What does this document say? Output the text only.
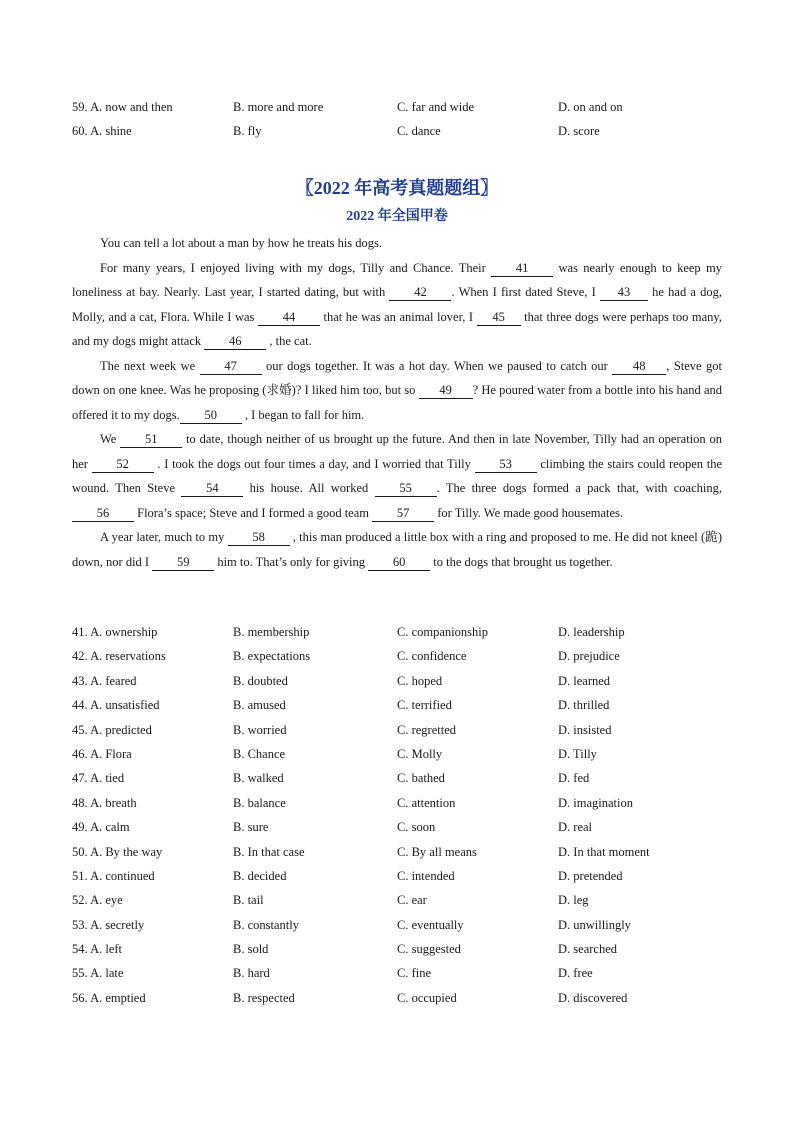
59. A. now and then	B. more and more	C. far and wide	D. on and on
60. A. shine	B. fly	C. dance	D. score
〖2022 年高考真题题组〗
2022 年全国甲卷

You can tell a lot about a man by how he treats his dogs.

For many years, I enjoyed living with my dogs, Tilly and Chance. Their 41 was nearly enough to keep my loneliness at bay. Nearly. Last year, I started dating, but with 42 . When I first dated Steve, I 43 he had a dog, Molly, and a cat, Flora. While I was 44 that he was an animal lover, I 45 that three dogs were perhaps too many, and my dogs might attack 46 , the cat.

The next week we 47 our dogs together. It was a hot day. When we paused to catch our 48 , Steve got down on one knee. Was he proposing (求婚)? I liked him too, but so 49 ? He poured water from a bottle into his hand and offered it to my dogs. 50 , I began to fall for him.

We 51 to date, though neither of us brought up the future. And then in late November, Tilly had an operation on her 52 . I took the dogs out four times a day, and I worried that Tilly 53 climbing the stairs could reopen the wound. Then Steve 54 his house. All worked 55 . The three dogs formed a pack that, with coaching,56 Flora’s space; Steve and I formed a good team 57 for Tilly. We made good housemates.

A year later, much to my 58 , this man produced a little box with a ring and proposed to me. He did not kneel (跪) down, nor did I 59 him to. That’s only for giving 60 to the dogs that brought us together.

41. A. ownership	B. membership	C. companionship	D. leadership
42. A. reservations	B. expectations	C. confidence	D. prejudice
43. A. feared	B. doubted	C. hoped	D. learned
44. A. unsatisfied	B. amused	C. terrified	D. thrilled
45. A. predicted	B. worried	C. regretted	D. insisted
46. A. Flora	B. Chance	C. Molly	D. Tilly
47. A. tied	B. walked	C. bathed	D. fed
48. A. breath	B. balance	C. attention	D. imagination
49. A. calm	B. sure	C. soon	D. real
50. A. By the way	B. In that case	C. By all means	D. In that moment
51. A. continued	B. decided	C. intended	D. pretended
52. A. eye	B. tail	C. ear	D. leg
53. A. secretly	B. constantly	C. eventually	D. unwillingly
54. A. left	B. sold	C. suggested	D. searched
55. A. late	B. hard	C. fine	D. free
56. A. emptied	B. respected	C. occupied	D. discovered
